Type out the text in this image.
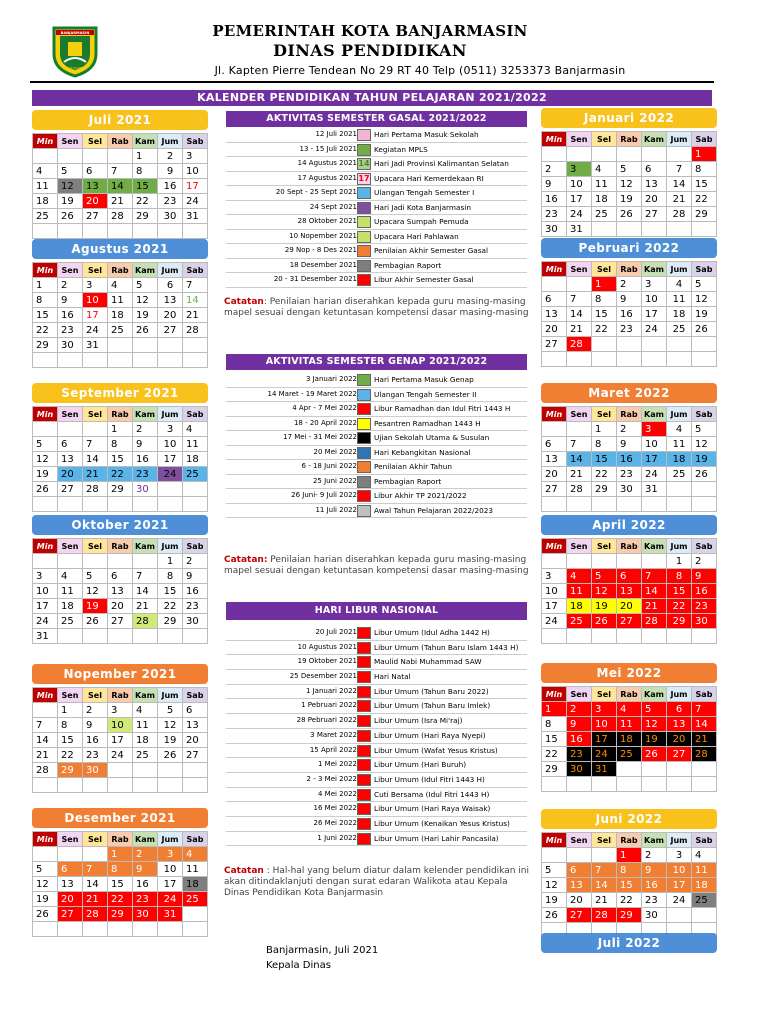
BANJARMASIN
KAYUH BAIMBAI
PEMERINTAH KOTA BANJARMASIN
DINAS PENDIDIKAN
Jl. Kapten Pierre Tendean No 29 RT 40 Telp (0511) 3253373 Banjarmasin
KALENDER PENDIDIKAN TAHUN PELAJARAN 2021/2022
Juli 2021
Min	Sen	Sel	Rab	Kam	Jum	Sab
				1	2	3
4	5	6	7	8	9	10
11	12	13	14	15	16	17
18	19	20	21	22	23	24
25	26	27	28	29	30	31

Agustus 2021
Min	Sen	Sel	Rab	Kam	Jum	Sab
1	2	3	4	5	6	7
8	9	10	11	12	13	14
15	16	17	18	19	20	21
22	23	24	25	26	27	28
29	30	31				

September 2021
Min	Sen	Sel	Rab	Kam	Jum	Sab
			1	2	3	4
5	6	7	8	9	10	11
12	13	14	15	16	17	18
19	20	21	22	23	24	25
26	27	28	29	30		

Oktober 2021
Min	Sen	Sel	Rab	Kam	Jum	Sab
					1	2
3	4	5	6	7	8	9
10	11	12	13	14	15	16
17	18	19	20	21	22	23
24	25	26	27	28	29	30
31						
Nopember 2021
Min	Sen	Sel	Rab	Kam	Jum	Sab
	1	2	3	4	5	6
7	8	9	10	11	12	13
14	15	16	17	18	19	20
21	22	23	24	25	26	27
28	29	30				

Desember 2021
Min	Sen	Sel	Rab	Kam	Jum	Sab
			1	2	3	4
5	6	7	8	9	10	11
12	13	14	15	16	17	18
19	20	21	22	23	24	25
26	27	28	29	30	31	

Januari 2022
Min	Sen	Sel	Rab	Kam	Jum	Sab
						1
2	3	4	5	6	7	8
9	10	11	12	13	14	15
16	17	18	19	20	21	22
23	24	25	26	27	28	29
30	31					
Pebruari 2022
Min	Sen	Sel	Rab	Kam	Jum	Sab
		1	2	3	4	5
6	7	8	9	10	11	12
13	14	15	16	17	18	19
20	21	22	23	24	25	26
27	28					

Maret 2022
Min	Sen	Sel	Rab	Kam	Jum	Sab
		1	2	3	4	5
6	7	8	9	10	11	12
13	14	15	16	17	18	19
20	21	22	23	24	25	26
27	28	29	30	31		

April 2022
Min	Sen	Sel	Rab	Kam	Jum	Sab
					1	2
3	4	5	6	7	8	9
10	11	12	13	14	15	16
17	18	19	20	21	22	23
24	25	26	27	28	29	30

Mei 2022
Min	Sen	Sel	Rab	Kam	Jum	Sab
1	2	3	4	5	6	7
8	9	10	11	12	13	14
15	16	17	18	19	20	21
22	23	24	25	26	27	28
29	30	31				

Juni 2022
Min	Sen	Sel	Rab	Kam	Jum	Sab
			1	2	3	4
5	6	7	8	9	10	11
12	13	14	15	16	17	18
19	20	21	22	23	24	25
26	27	28	29	30		

Juli 2022
AKTIVITAS SEMESTER GASAL 2021/2022
12 Juli 2021 Hari Pertama Masuk Sekolah
13 - 15 Juli 2021 Kegiatan MPLS
14 Agustus 2021 14 Hari Jadi Provinsi Kalimantan Selatan
17 Agustus 2021 17 Upacara Hari Kemerdekaan RI
20 Sept - 25 Sept 2021 Ulangan Tengah Semester I
24 Sept 2021 Hari Jadi Kota Banjarmasin
28 Oktober 2021 Upacara Sumpah Pemuda
10 Nopember 2021 Upacara Hari Pahlawan
29 Nop - 8 Des 2021 Penilaian Akhir Semester Gasal
18 Desember 2021 Pembagian Raport
20 - 31 Desember 2021 Libur Akhir Semester Gasal
Catatan: Penilaian harian diserahkan kepada guru masing-masing mapel sesuai dengan ketuntasan kompetensi dasar masing-masing
AKTIVITAS SEMESTER GENAP 2021/2022
3 Januari 2022 Hari Pertama Masuk Genap
14 Maret - 19 Maret 2022 Ulangan Tengah Semester II
4 Apr - 7 Mei 2022 Libur Ramadhan dan Idul Fitri 1443 H
18 - 20 April 2022 Pesantren Ramadhan 1443 H
17 Mei - 31 Mei 2022 Ujian Sekolah Utama & Susulan
20 Mei 2022 Hari Kebangkitan Nasional
6 - 18 Juni 2022 Penilaian Akhir Tahun
25 Juni 2022 Pembagian Raport
26 Juni- 9 Juli 2022 Libur Akhir TP 2021/2022
11 Juli 2022 Awal Tahun Pelajaran 2022/2023
Catatan: Penilaian harian diserahkan kepada guru masing-masing mapel sesuai dengan ketuntasan kompetensi dasar masing-masing
HARI LIBUR NASIONAL
20 Juli 2021 Libur Umum (Idul Adha 1442 H)
10 Agustus 2021 Libur Umum (Tahun Baru Islam 1443 H)
19 Oktober 2021 Maulid Nabi Muhammad SAW
25 Desember 2021 Hari Natal
1 Januari 2022 Libur Umum (Tahun Baru 2022)
1 Pebruari 2022 Libur Umum (Tahun Baru Imlek)
28 Pebruari 2022 Libur Umum (Isra Mi'raj)
3 Maret 2022 Libur Umum (Hari Raya Nyepi)
15 April 2022 Libur Umum (Wafat Yesus Kristus)
1 Mei 2022 Libur Umum (Hari Buruh)
2 - 3 Mei 2022 Libur Umum (Idul Fitri 1443 H)
4 Mei 2022 Cuti Bersama (Idul Fitri 1443 H)
16 Mei 2022 Libur Umum (Hari Raya Waisak)
26 Mei 2022 Libur Umum (Kenaikan Yesus Kristus)
1 Juni 2022 Libur Umum (Hari Lahir Pancasila)
Catatan : Hal-hal yang belum diatur dalam kelender pendidikan ini akan ditindaklanjuti dengan surat edaran Walikota atau Kepala Dinas Pendidikan Kota Banjarmasin
Banjarmasin, Juli 2021
Kepala Dinas
